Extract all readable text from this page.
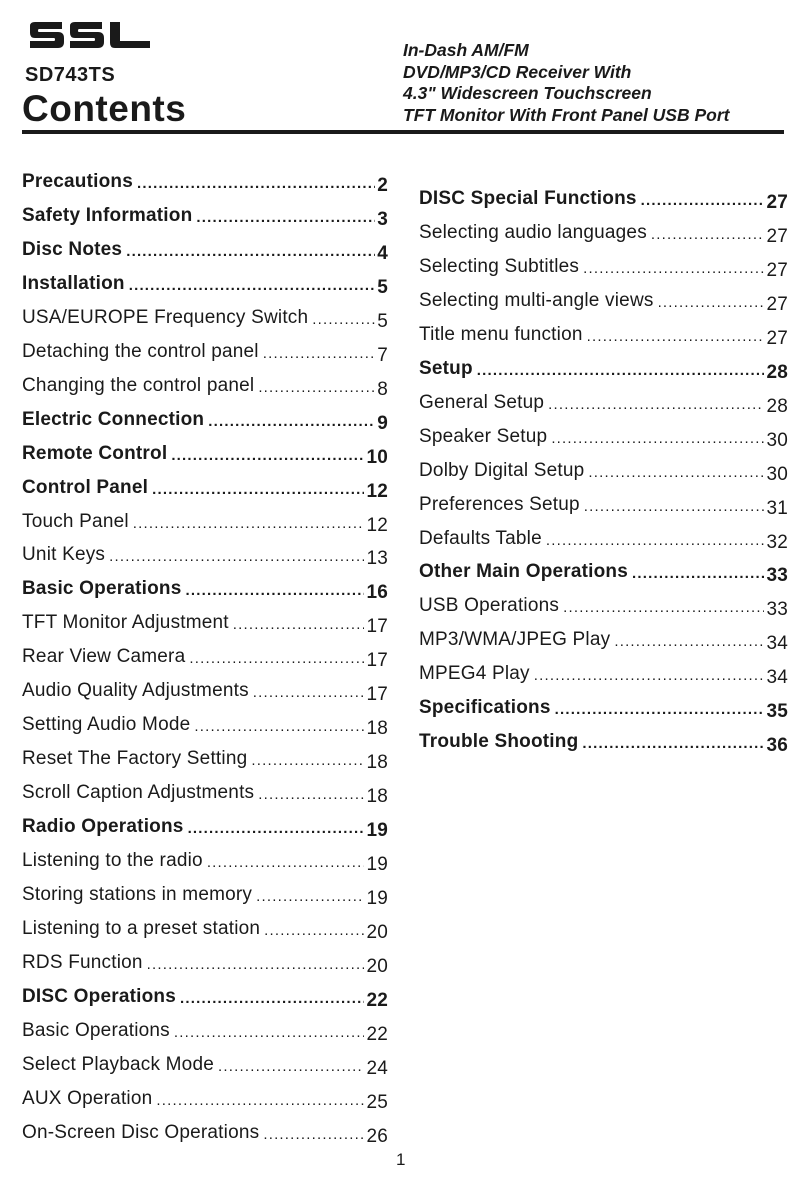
SD743TS
Contents
In-Dash AM/FM
DVD/MP3/CD Receiver With
4.3" Widescreen Touchscreen
TFT Monitor With Front Panel USB Port
Precautions .....	2
Safety Information .....	3
Disc Notes .....	4
Installation .....	5
USA/EUROPE Frequency Switch .....	5
Detaching the control panel .....	7
Changing the control panel .....	8
Electric Connection .....	9
Remote Control .....	10
Control Panel .....	12
Touch Panel .....	12
Unit Keys .....	13
Basic Operations .....	16
TFT Monitor Adjustment .....	17
Rear View Camera .....	17
Audio Quality Adjustments .....	17
Setting Audio Mode .....	18
Reset The Factory Setting .....	18
Scroll Caption Adjustments .....	18
Radio Operations .....	19
Listening to the radio .....	19
Storing stations in memory .....	19
Listening to a preset station .....	20
RDS Function .....	20
DISC Operations .....	22
Basic Operations .....	22
Select Playback Mode .....	24
AUX Operation .....	25
On-Screen Disc Operations .....	26
DISC Special Functions .....	27
Selecting audio languages .....	27
Selecting Subtitles .....	27
Selecting multi-angle views .....	27
Title menu function .....	27
Setup .....	28
General Setup .....	28
Speaker Setup .....	30
Dolby Digital Setup .....	30
Preferences Setup .....	31
Defaults Table .....	32
Other Main Operations .....	33
USB Operations .....	33
MP3/WMA/JPEG Play .....	34
MPEG4 Play .....	34
Specifications .....	35
Trouble Shooting .....	36
1
